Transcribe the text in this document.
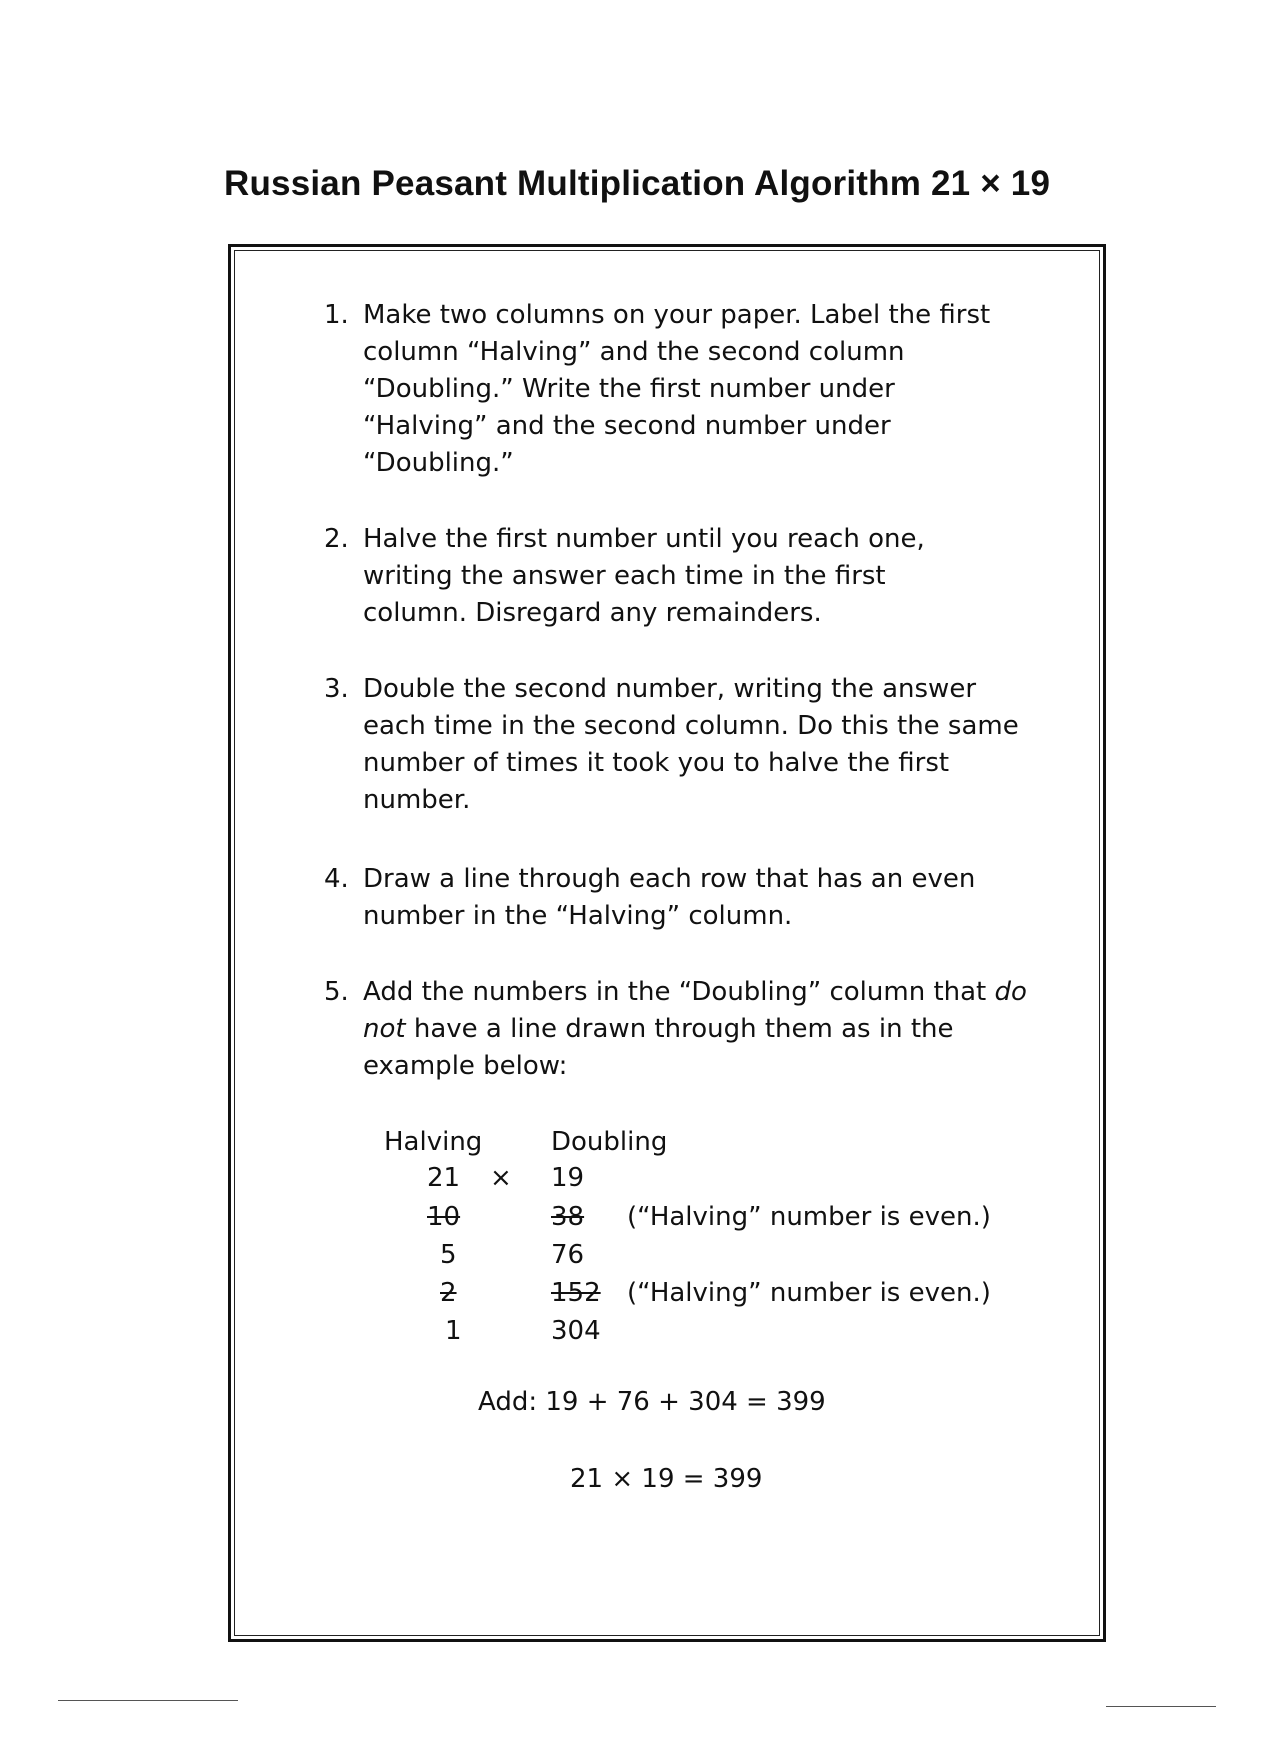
Russian Peasant Multiplication Algorithm 21 × 19
1. Make two columns on your paper. Label the first column “Halving” and the second column “Doubling.” Write the first number under “Halving” and the second number under “Doubling.”
2. Halve the first number until you reach one, writing the answer each time in the first column. Disregard any remainders.
3. Double the second number, writing the answer each time in the second column. Do this the same number of times it took you to halve the first number.
4. Draw a line through each row that has an even number in the “Halving” column.
5. Add the numbers in the “Doubling” column that do not have a line drawn through them as in the example below:
Halving	Doubling
21 × 19
10	38 (“Halving” number is even.)
5	76
2	152 (“Halving” number is even.)
1	304
Add: 19 + 76 + 304 = 399
21 × 19 = 399
